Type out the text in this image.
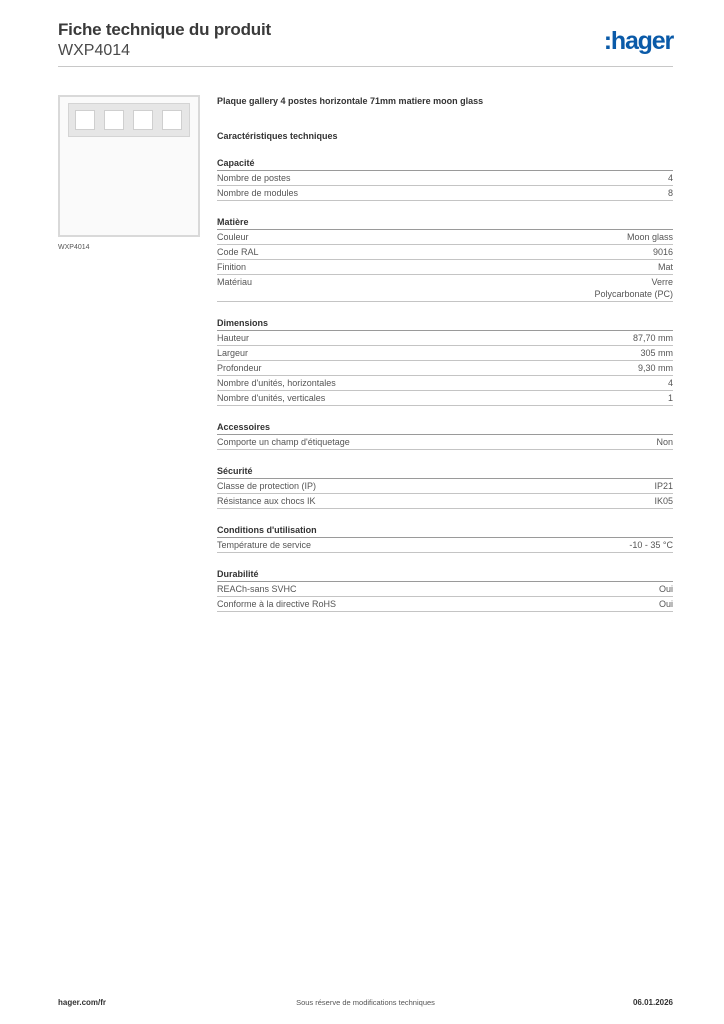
Fiche technique du produit
WXP4014	:hager
WXP4014
Plaque gallery 4 postes horizontale 71mm matiere moon glass
Caractéristiques techniques
Capacité
Nombre de postes	4
Nombre de modules	8
Matière
Couleur	Moon glass
Code RAL	9016
Finition	Mat
Matériau	Verre
Polycarbonate (PC)
Dimensions
Hauteur	87,70 mm
Largeur	305 mm
Profondeur	9,30 mm
Nombre d'unités, horizontales	4
Nombre d'unités, verticales	1
Accessoires
Comporte un champ d'étiquetage	Non
Sécurité
Classe de protection (IP)	IP21
Résistance aux chocs IK	IK05
Conditions d'utilisation
Température de service	-10 - 35 °C
Durabilité
REACh-sans SVHC	Oui
Conforme à la directive RoHS	Oui
hager.com/fr	Sous réserve de modifications techniques	06.01.2026
